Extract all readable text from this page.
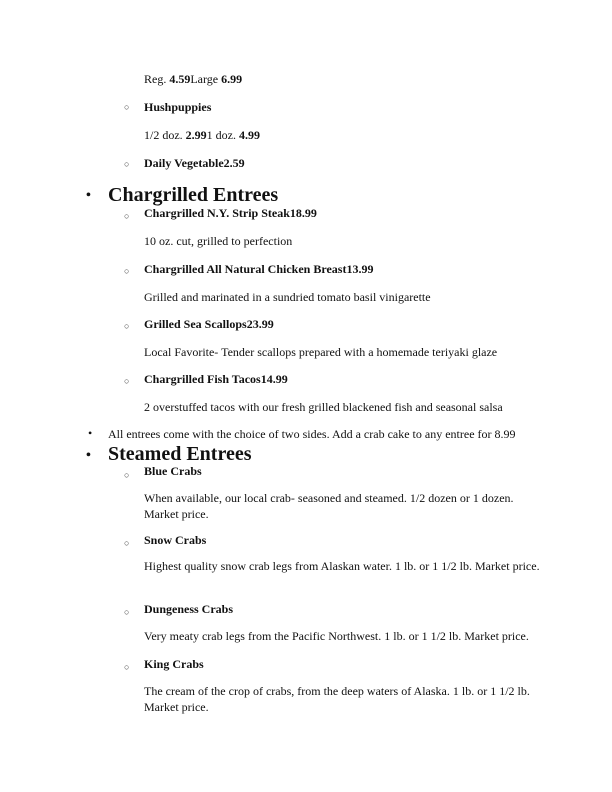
Reg. 4.59Large 6.99
○ Hushpuppies
1/2 doz. 2.991 doz. 4.99
○ Daily Vegetable2.59
• Chargrilled Entrees
○ Chargrilled N.Y. Strip Steak18.99
10 oz. cut, grilled to perfection
○ Chargrilled All Natural Chicken Breast13.99
Grilled and marinated in a sundried tomato basil vinigarette
○ Grilled Sea Scallops23.99
Local Favorite- Tender scallops prepared with a homemade teriyaki glaze
○ Chargrilled Fish Tacos14.99
2 overstuffed tacos with our fresh grilled blackened fish and seasonal salsa
• All entrees come with the choice of two sides. Add a crab cake to any entree for 8.99
• Steamed Entrees
○ Blue Crabs
When available, our local crab- seasoned and steamed. 1/2 dozen or 1 dozen. Market price.
○ Snow Crabs
Highest quality snow crab legs from Alaskan water. 1 lb. or 1 1/2 lb. Market price.
○ Dungeness Crabs
Very meaty crab legs from the Pacific Northwest. 1 lb. or 1 1/2 lb. Market price.
○ King Crabs
The cream of the crop of crabs, from the deep waters of Alaska. 1 lb. or 1 1/2 lb. Market price.
